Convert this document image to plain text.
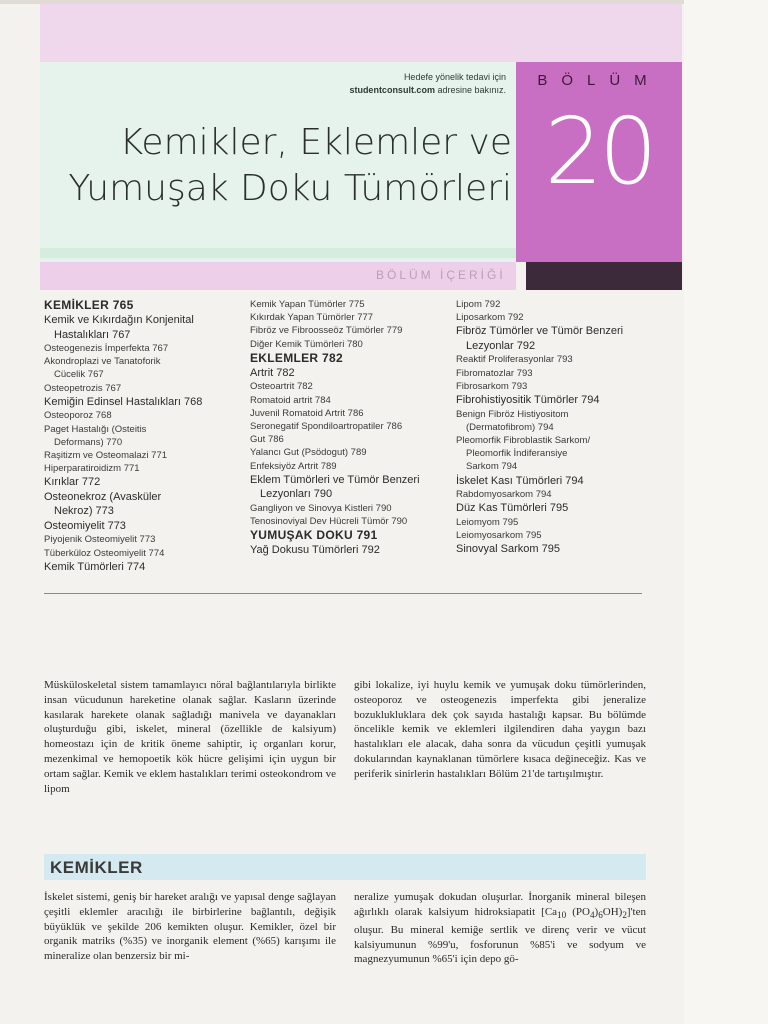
Hedefe yönelik tedavi için
studentconsult.com adresine bakınız.
Kemikler, Eklemler ve
Yumuşak Doku Tümörleri
BÖLÜM
20
BÖLÜM İÇERİĞİ
KEMİKLER 765
Kemik ve Kıkırdağın Konjenital
Hastalıkları 767
Osteogenezis İmperfekta 767
Akondroplazi ve Tanatoforik
Cücelik 767
Osteopetrozis 767
Kemiğin Edinsel Hastalıkları 768
Osteoporoz 768
Paget Hastalığı (Osteitis
Deformans) 770
Raşitizm ve Osteomalazi 771
Hiperparatiroidizm 771
Kırıklar 772
Osteonekroz (Avasküler
Nekroz) 773
Osteomiyelit 773
Piyojenik Osteomiyelit 773
Tüberküloz Osteomiyelit 774
Kemik Tümörleri 774
Kemik Yapan Tümörler 775
Kıkırdak Yapan Tümörler 777
Fibröz ve Fibroosseöz Tümörler 779
Diğer Kemik Tümörleri 780
EKLEMLER 782
Artrit 782
Osteoartrit 782
Romatoid artrit 784
Juvenil Romatoid Artrit 786
Seronegatif Spondiloartropatiler 786
Gut 786
Yalancı Gut (Psödogut) 789
Enfeksiyöz Artrit 789
Eklem Tümörleri ve Tümör Benzeri
Lezyonları 790
Gangliyon ve Sinovya Kistleri 790
Tenosinoviyal Dev Hücreli Tümör 790
YUMUŞAK DOKU 791
Yağ Dokusu Tümörleri 792
Lipom 792
Liposarkom 792
Fibröz Tümörler ve Tümör Benzeri
Lezyonlar 792
Reaktif Proliferasyonlar 793
Fibromatozlar 793
Fibrosarkom 793
Fibrohistiyositik Tümörler 794
Benign Fibröz Histiyositom
(Dermatofibrom) 794
Pleomorfik Fibroblastik Sarkom/
Pleomorfik İndiferansiye
Sarkom 794
İskelet Kası Tümörleri 794
Rabdomyosarkom 794
Düz Kas Tümörleri 795
Leiomyom 795
Leiomyosarkom 795
Sinovyal Sarkom 795
Müsküloskeletal sistem tamamlayıcı nöral bağlantılarıyla birlikte insan vücudunun hareketine olanak sağlar. Kasların üzerinde kasılarak harekete olanak sağladığı manivela ve dayanakları oluşturduğu gibi, iskelet, mineral (özellikle de kalsiyum) homeostazı için de kritik öneme sahiptir, iç organları korur, mezenkimal ve hemopoetik kök hücre gelişimi için uygun bir ortam sağlar. Kemik ve eklem hastalıkları terimi osteokondrom ve lipom
gibi lokalize, iyi huylu kemik ve yumuşak doku tümörlerinden, osteoporoz ve osteogenezis imperfekta gibi jeneralize bozuklukluklara dek çok sayıda hastalığı kapsar. Bu bölümde öncelikle kemik ve eklemleri ilgilendiren daha yaygın bazı hastalıkları ele alacak, daha sonra da vücudun çeşitli yumuşak dokularından kaynaklanan tümörlere kısaca değineceğiz. Kas ve periferik sinirlerin hastalıkları Bölüm 21'de tartışılmıştır.
KEMİKLER
İskelet sistemi, geniş bir hareket aralığı ve yapısal denge sağlayan çeşitli eklemler aracılığı ile birbirlerine bağlantılı, değişik büyüklük ve şekilde 206 kemikten oluşur. Kemikler, özel bir organik matriks (%35) ve inorganik element (%65) karışımı ile mineralize olan benzersiz bir mi-
neralize yumuşak dokudan oluşurlar. İnorganik mineral bileşen ağırlıklı olarak kalsiyum hidroksiapatit [$Ca_{10}$ $(PO_4)_6OH)_2]'ten$ oluşur. Bu mineral kemiğe sertlik ve direnç verir ve vücut kalsiyumunun %99'u, fosforunun %85'i ve sodyum ve magnezyumunun %65'i için depo gö-
